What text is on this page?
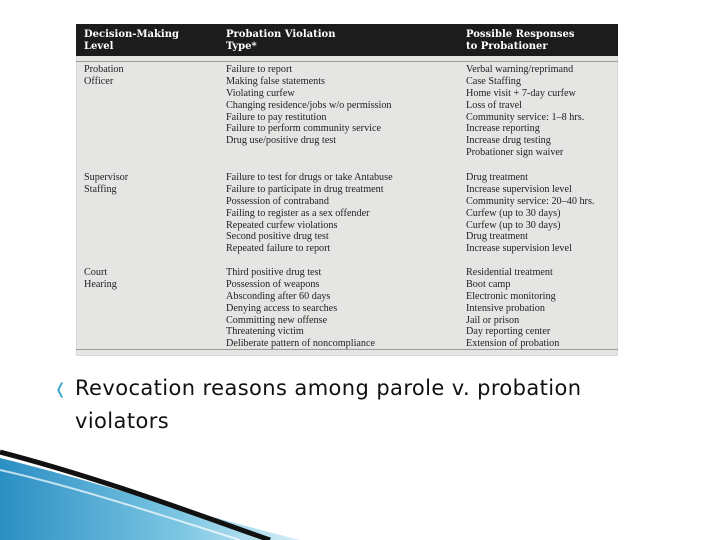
Decision-Making
Level
Probation Violation
Type*
Possible Responses
to Probationer
Probation
Officer
Failure to report
Making false statements
Violating curfew
Changing residence/jobs w/o permission
Failure to pay restitution
Failure to perform community service
Drug use/positive drug test
Verbal warning/reprimand
Case Staffing
Home visit + 7-day curfew
Loss of travel
Community service: 1–8 hrs.
Increase reporting
Increase drug testing
Probationer sign waiver
Supervisor
Staffing
Failure to test for drugs or take Antabuse
Failure to participate in drug treatment
Possession of contraband
Failing to register as a sex offender
Repeated curfew violations
Second positive drug test
Repeated failure to report
Drug treatment
Increase supervision level
Community service: 20–40 hrs.
Curfew (up to 30 days)
Curfew (up to 30 days)
Drug treatment
Increase supervision level
Court
Hearing
Third positive drug test
Possession of weapons
Absconding after 60 days
Denying access to searches
Committing new offense
Threatening victim
Deliberate pattern of noncompliance
Residential treatment
Boot camp
Electronic monitoring
Intensive probation
Jail or prison
Day reporting center
Extension of probation
❬ Revocation reasons among parole v. probation violators
